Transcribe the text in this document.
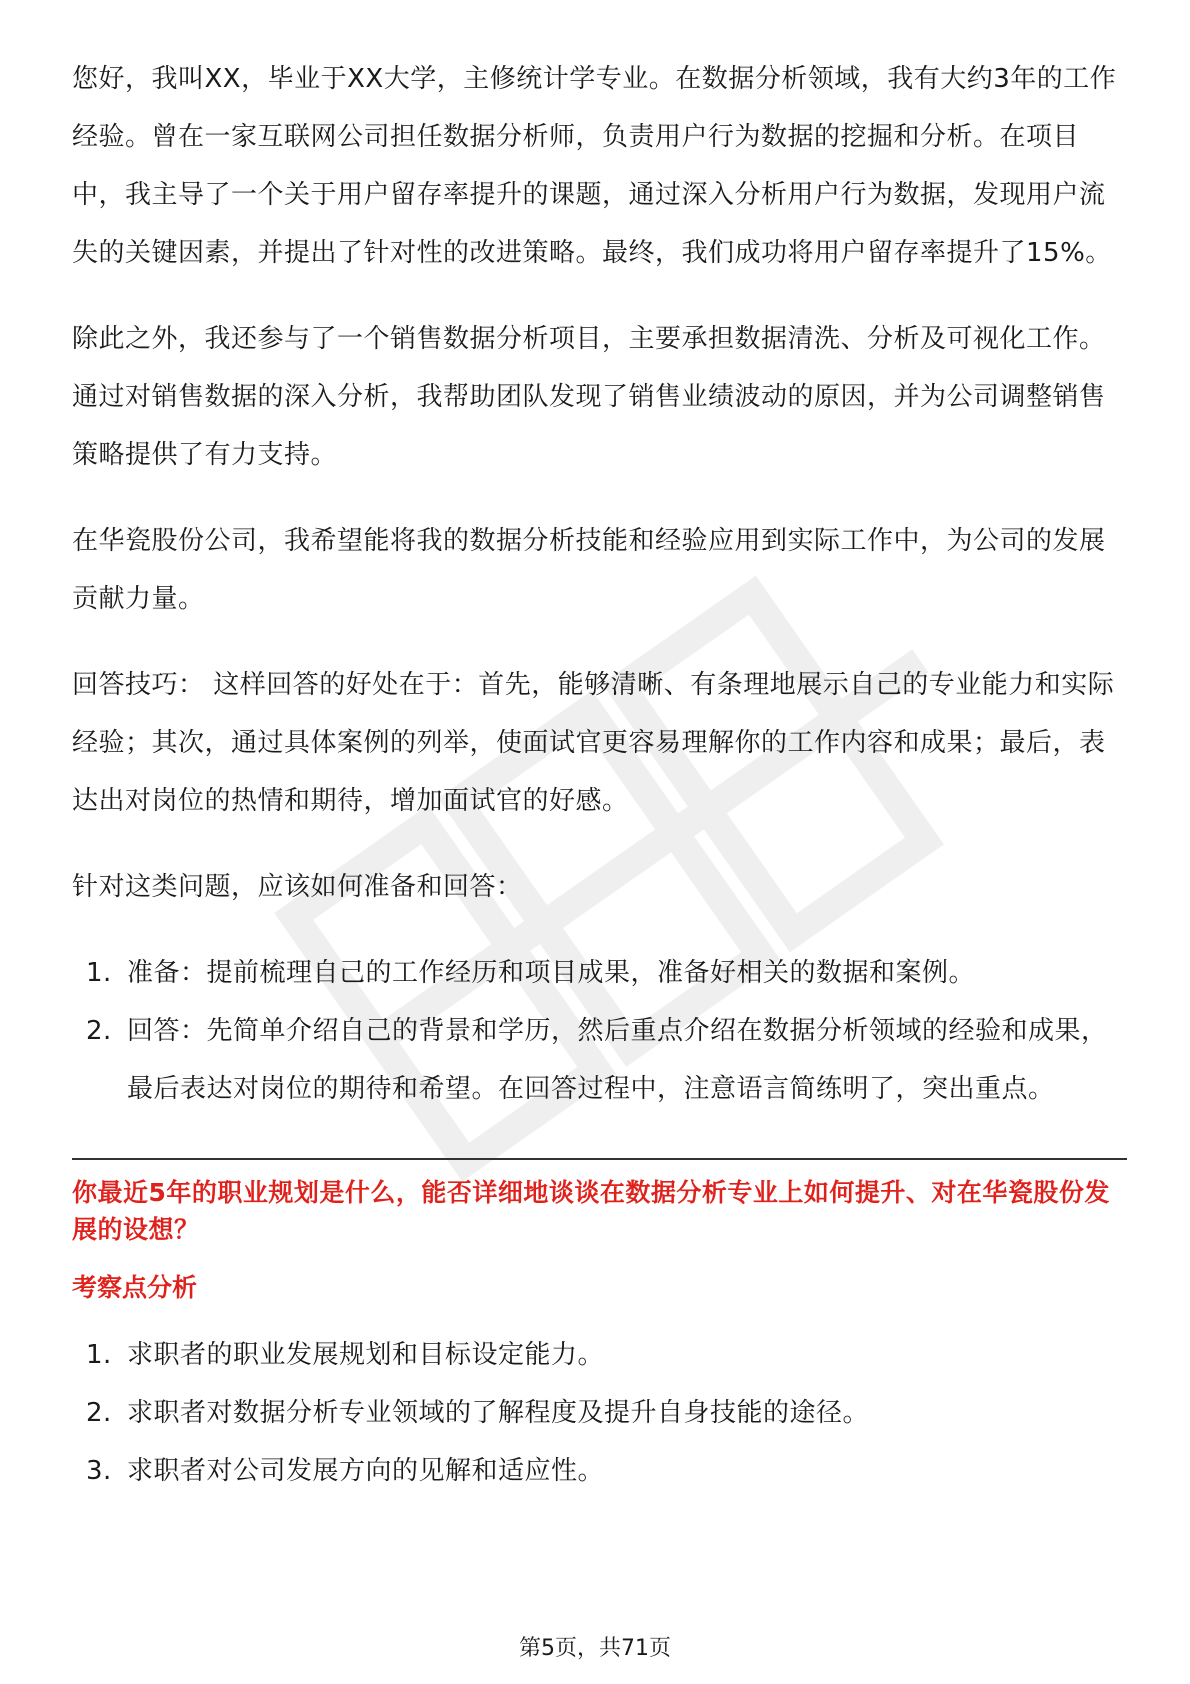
您好，我叫XX，毕业于XX大学，主修统计学专业。在数据分析领域，我有大约3年的工作经验。曾在一家互联网公司担任数据分析师，负责用户行为数据的挖掘和分析。在项目中，我主导了一个关于用户留存率提升的课题，通过深入分析用户行为数据，发现用户流失的关键因素，并提出了针对性的改进策略。最终，我们成功将用户留存率提升了15%。

除此之外，我还参与了一个销售数据分析项目，主要承担数据清洗、分析及可视化工作。通过对销售数据的深入分析，我帮助团队发现了销售业绩波动的原因，并为公司调整销售策略提供了有力支持。

在华瓷股份公司，我希望能将我的数据分析技能和经验应用到实际工作中，为公司的发展贡献力量。

回答技巧： 这样回答的好处在于：首先，能够清晰、有条理地展示自己的专业能力和实际经验；其次，通过具体案例的列举，使面试官更容易理解你的工作内容和成果；最后，表达出对岗位的热情和期待，增加面试官的好感。

针对这类问题，应该如何准备和回答：

1. 准备：提前梳理自己的工作经历和项目成果，准备好相关的数据和案例。
2. 回答：先简单介绍自己的背景和学历，然后重点介绍在数据分析领域的经验和成果，最后表达对岗位的期待和希望。在回答过程中，注意语言简练明了，突出重点。
你最近5年的职业规划是什么，能否详细地谈谈在数据分析专业上如何提升、对在华瓷股份发展的设想？
考察点分析
1. 求职者的职业发展规划和目标设定能力。
2. 求职者对数据分析专业领域的了解程度及提升自身技能的途径。
3. 求职者对公司发展方向的见解和适应性。
第5页，共71页
